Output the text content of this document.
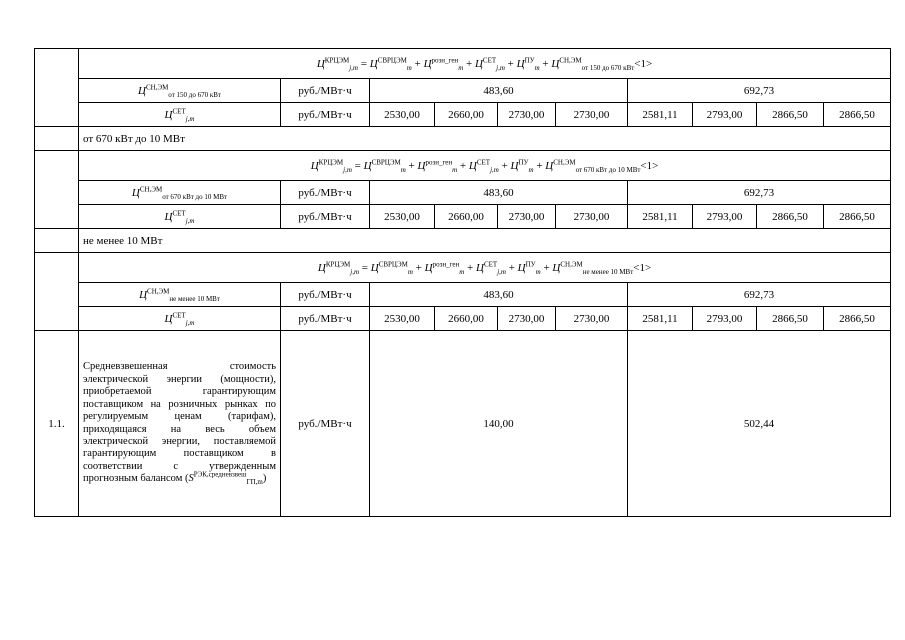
	$Ц^{КРЦЭМ}_{j,m} = Ц^{СВРЦЭМ}_m + Ц^{розн\_ген}_m + Ц^{СЕТ}_{j,m} + Ц^{ПУ}_m + Ц^{СН,ЭМ}_{от 150 до 670 кВт}<1>$									
	$Ц^{СН,ЭМ}_{от 150 до 670 кВт}$	руб./МВт·ч	483,60				692,73			
	$Ц^{СЕТ}_{j,m}$	руб./МВт·ч	2530,00	2660,00	2730,00	2730,00	2581,11	2793,00	2866,50	2866,50
	от 670 кВт до 10 МВт									
	$Ц^{КРЦЭМ}_{j,m} = Ц^{СВРЦЭМ}_m + Ц^{розн\_ген}_m + Ц^{СЕТ}_{j,m} + Ц^{ПУ}_m + Ц^{СН,ЭМ}_{от 670 кВт до 10 МВт}<1>$									
	$Ц^{СН,ЭМ}_{от 670 кВт до 10 МВт}$	руб./МВт·ч	483,60				692,73			
	$Ц^{СЕТ}_{j,m}$	руб./МВт·ч	2530,00	2660,00	2730,00	2730,00	2581,11	2793,00	2866,50	2866,50
	не менее 10 МВт									
	$Ц^{КРЦЭМ}_{j,m} = Ц^{СВРЦЭМ}_m + Ц^{розн\_ген}_m + Ц^{СЕТ}_{j,m} + Ц^{ПУ}_m + Ц^{СН,ЭМ}_{не менее 10 МВт}<1>$									
	$Ц^{СН,ЭМ}_{не менее 10 МВт}$	руб./МВт·ч	483,60				692,73			
	$Ц^{СЕТ}_{j,m}$	руб./МВт·ч	2530,00	2660,00	2730,00	2730,00	2581,11	2793,00	2866,50	2866,50
1.1.	Средневзвешенная стоимость электрической энергии (мощности), приобретаемой гарантирующим поставщиком на розничных рынках по регулируемым ценам (тарифам), приходящаяся на весь объем электрической энергии, поставляемой гарантирующим поставщиком в соответствии с утвержденным прогнозным балансом $(S^{РЭК,средневзвеш}_{ГП,m})$	руб./МВт·ч	140,00				502,44			
